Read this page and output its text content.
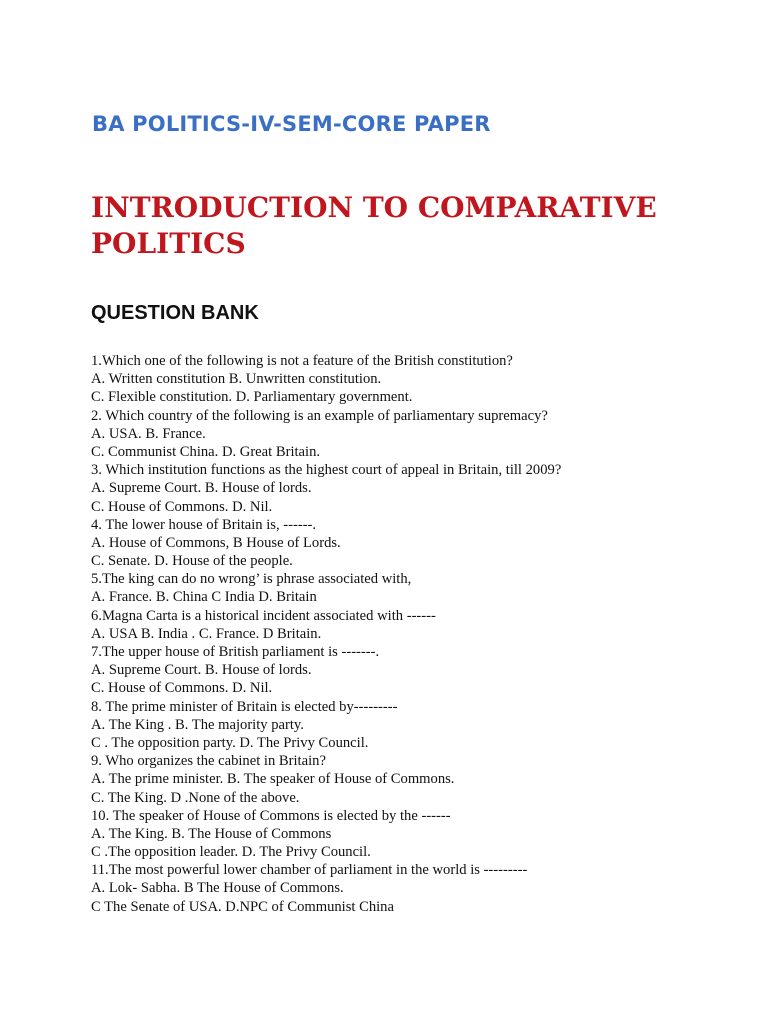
BA POLITICS-IV-SEM-CORE PAPER
INTRODUCTION TO COMPARATIVE POLITICS
QUESTION BANK
1.Which one of the following is not a feature of the British constitution?
A. Written constitution B. Unwritten constitution.
C. Flexible constitution. D. Parliamentary government.
2. Which country of the following is an example of parliamentary supremacy?
A. USA. B. France.
C. Communist China. D. Great Britain.
3. Which institution functions as the highest court of appeal in Britain, till 2009?
A. Supreme Court. B. House of lords.
C. House of Commons. D. Nil.
4. The lower house of Britain is, ------.
A. House of Commons, B House of Lords.
C. Senate. D. House of the people.
5.The king can do no wrong’ is phrase associated with,
A. France. B. China C India D. Britain
6.Magna Carta is a historical incident associated with ------
A. USA B. India . C. France. D Britain.
7.The upper house of British parliament is -------.
A. Supreme Court. B. House of lords.
C. House of Commons. D. Nil.
8. The prime minister of Britain is elected by---------
A. The King . B. The majority party.
C . The opposition party. D. The Privy Council.
9. Who organizes the cabinet in Britain?
A. The prime minister. B. The speaker of House of Commons.
C. The King. D .None of the above.
10. The speaker of House of Commons is elected by the ------
A. The King. B. The House of Commons
C .The opposition leader. D. The Privy Council.
11.The most powerful lower chamber of parliament in the world is ---------
A. Lok- Sabha. B The House of Commons.
C The Senate of USA. D.NPC of Communist China
